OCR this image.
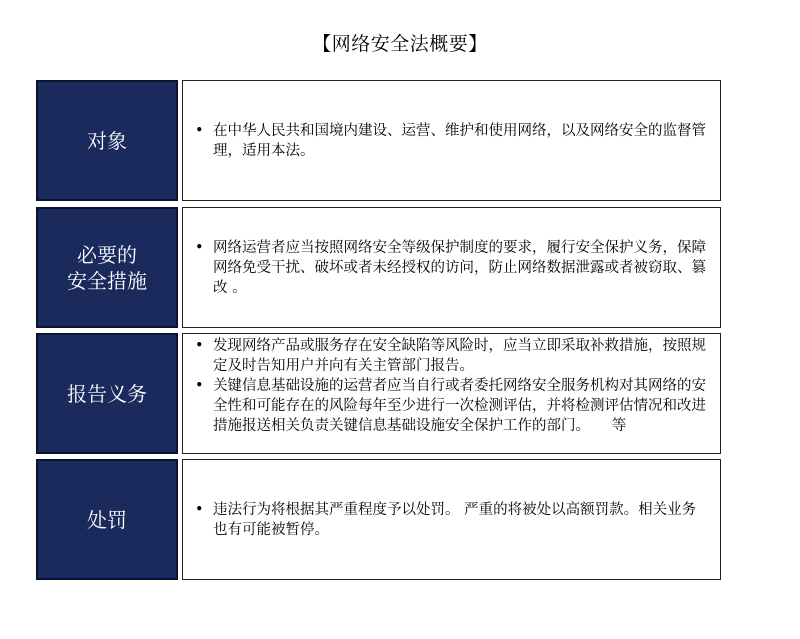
【网络安全法概要】
对象	• 在中华人民共和国境内建设、运营、维护和使用网络，以及网络安全的监督管理，适用本法。
必要的
安全措施
• 网络运营者应当按照网络安全等级保护制度的要求，履行安全保护义务，保障网络免受干扰、破坏或者未经授权的访问，防止网络数据泄露或者被窃取、篡改 。
报告义务
• 发现网络产品或服务存在安全缺陷等风险时，应当立即采取补救措施，按照规定及时告知用户并向有关主管部门报告。
• 关键信息基础设施的运营者应当自行或者委托网络安全服务机构对其网络的安全性和可能存在的风险每年至少进行一次检测评估，并将检测评估情况和改进措施报送相关负责关键信息基础设施安全保护工作的部门。　　等
处罚	• 违法行为将根据其严重程度予以处罚。 严重的将被处以高额罚款。相关业务也有可能被暂停。
